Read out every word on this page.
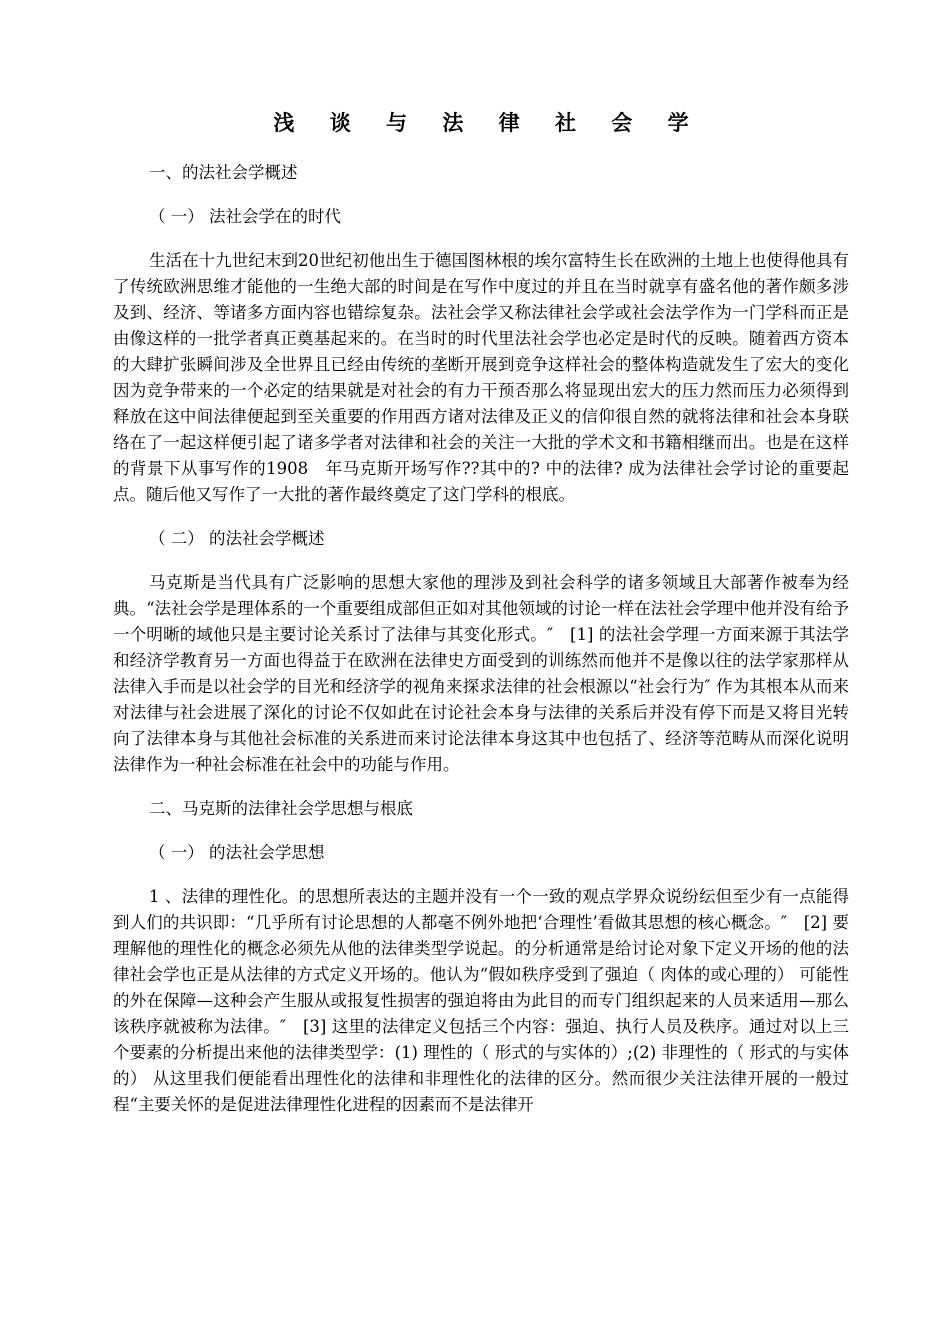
浅 谈 与 法 律 社 会 学
一、的法社会学概述
（ 一） 法社会学在的时代
生活在十九世纪末到20世纪初他出生于德国图林根的埃尔富特生长在欧洲的土地上也使得他具有了传统欧洲思维才能他的一生绝大部的时间是在写作中度过的并且在当时就享有盛名他的著作颇多涉及到、经济、等诸多方面内容也错综复杂。法社会学又称法律社会学或社会法学作为一门学科而正是由像这样的一批学者真正奠基起来的。在当时的时代里法社会学也必定是时代的反映。随着西方资本的大肆扩张瞬间涉及全世界且已经由传统的垄断开展到竞争这样社会的整体构造就发生了宏大的变化因为竞争带来的一个必定的结果就是对社会的有力干预否那么将显现出宏大的压力然而压力必须得到释放在这中间法律便起到至关重要的作用西方诸对法律及正义的信仰很自然的就将法律和社会本身联络在了一起这样便引起了诸多学者对法律和社会的关注一大批的学术文和书籍相继而出。也是在这样的背景下从事写作的1908　年马克斯开场写作??其中的? 中的法律? 成为法律社会学讨论的重要起点。随后他又写作了一大批的著作最终奠定了这门学科的根底。
（ 二） 的法社会学概述
马克斯是当代具有广泛影响的思想大家他的理涉及到社会科学的诸多领域且大部著作被奉为经典。“法社会学是理体系的一个重要组成部但正如对其他领域的讨论一样在法社会学理中他并没有给予一个明晰的域他只是主要讨论关系讨了法律与其变化形式。″　[1] 的法社会学理一方面来源于其法学和经济学教育另一方面也得益于在欧洲在法律史方面受到的训练然而他并不是像以往的法学家那样从法律入手而是以社会学的目光和经济学的视角来探求法律的社会根源以“社会行为″ 作为其根本从而来对法律与社会进展了深化的讨论不仅如此在讨论社会本身与法律的关系后并没有停下而是又将目光转向了法律本身与其他社会标准的关系进而来讨论法律本身这其中也包括了、经济等范畴从而深化说明法律作为一种社会标准在社会中的功能与作用。
二、马克斯的法律社会学思想与根底
（ 一） 的法社会学思想
1 、法律的理性化。的思想所表达的主题并没有一个一致的观点学界众说纷纭但至少有一点能得到人们的共识即：“几乎所有讨论思想的人都毫不例外地把‘合理性’看做其思想的核心概念。″　[2] 要理解他的理性化的概念必须先从他的法律类型学说起。的分析通常是给讨论对象下定义开场的他的法律社会学也正是从法律的方式定义开场的。他认为“假如秩序受到了强迫（ 肉体的或心理的） 可能性的外在保障—这种会产生服从或报复性损害的强迫将由为此目的而专门组织起来的人员来适用—那么该秩序就被称为法律。″　[3] 这里的法律定义包括三个内容：强迫、执行人员及秩序。通过对以上三个要素的分析提出来他的法律类型学：(1) 理性的（ 形式的与实体的）;(2) 非理性的（ 形式的与实体的） 从这里我们便能看出理性化的法律和非理性化的法律的区分。然而很少关注法律开展的一般过程“主要关怀的是促进法律理性化进程的因素而不是法律开
